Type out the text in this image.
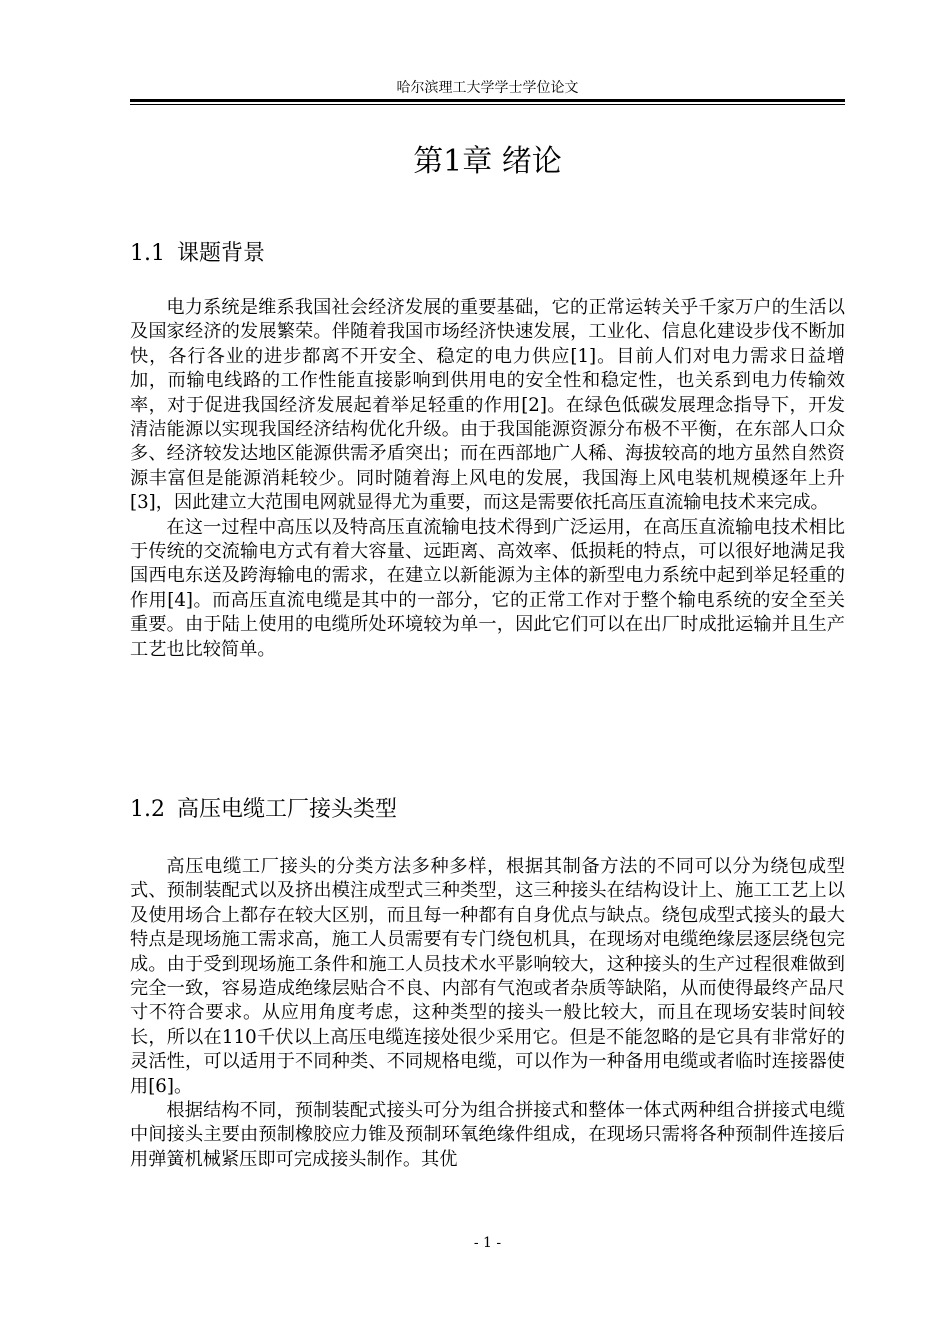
哈尔滨理工大学学士学位论文
第1章 绪论
1.1 课题背景

电力系统是维系我国社会经济发展的重要基础，它的正常运转关乎千家万户的生活以及国家经济的发展繁荣。伴随着我国市场经济快速发展，工业化、信息化建设步伐不断加快，各行各业的进步都离不开安全、稳定的电力供应[1]。目前人们对电力需求日益增加，而输电线路的工作性能直接影响到供用电的安全性和稳定性，也关系到电力传输效率，对于促进我国经济发展起着举足轻重的作用[2]。在绿色低碳发展理念指导下，开发清洁能源以实现我国经济结构优化升级。由于我国能源资源分布极不平衡，在东部人口众多、经济较发达地区能源供需矛盾突出；而在西部地广人稀、海拔较高的地方虽然自然资源丰富但是能源消耗较少。同时随着海上风电的发展，我国海上风电装机规模逐年上升[3]，因此建立大范围电网就显得尤为重要，而这是需要依托高压直流输电技术来完成。

在这一过程中高压以及特高压直流输电技术得到广泛运用，在高压直流输电技术相比于传统的交流输电方式有着大容量、远距离、高效率、低损耗的特点，可以很好地满足我国西电东送及跨海输电的需求，在建立以新能源为主体的新型电力系统中起到举足轻重的作用[4]。而高压直流电缆是其中的一部分，它的正常工作对于整个输电系统的安全至关重要。由于陆上使用的电缆所处环境较为单一，因此它们可以在出厂时成批运输并且生产工艺也比较简单。

1.2 高压电缆工厂接头类型

高压电缆工厂接头的分类方法多种多样，根据其制备方法的不同可以分为绕包成型式、预制装配式以及挤出模注成型式三种类型，这三种接头在结构设计上、施工工艺上以及使用场合上都存在较大区别，而且每一种都有自身优点与缺点。绕包成型式接头的最大特点是现场施工需求高，施工人员需要有专门绕包机具，在现场对电缆绝缘层逐层绕包完成。由于受到现场施工条件和施工人员技术水平影响较大，这种接头的生产过程很难做到完全一致，容易造成绝缘层贴合不良、内部有气泡或者杂质等缺陷，从而使得最终产品尺寸不符合要求。从应用角度考虑，这种类型的接头一般比较大，而且在现场安装时间较长，所以在110千伏以上高压电缆连接处很少采用它。但是不能忽略的是它具有非常好的灵活性，可以适用于不同种类、不同规格电缆，可以作为一种备用电缆或者临时连接器使用[6]。

根据结构不同，预制装配式接头可分为组合拼接式和整体一体式两种组合拼接式电缆中间接头主要由预制橡胶应力锥及预制环氧绝缘件组成，在现场只需将各种预制件连接后用弹簧机械紧压即可完成接头制作。其优

- 1 -
